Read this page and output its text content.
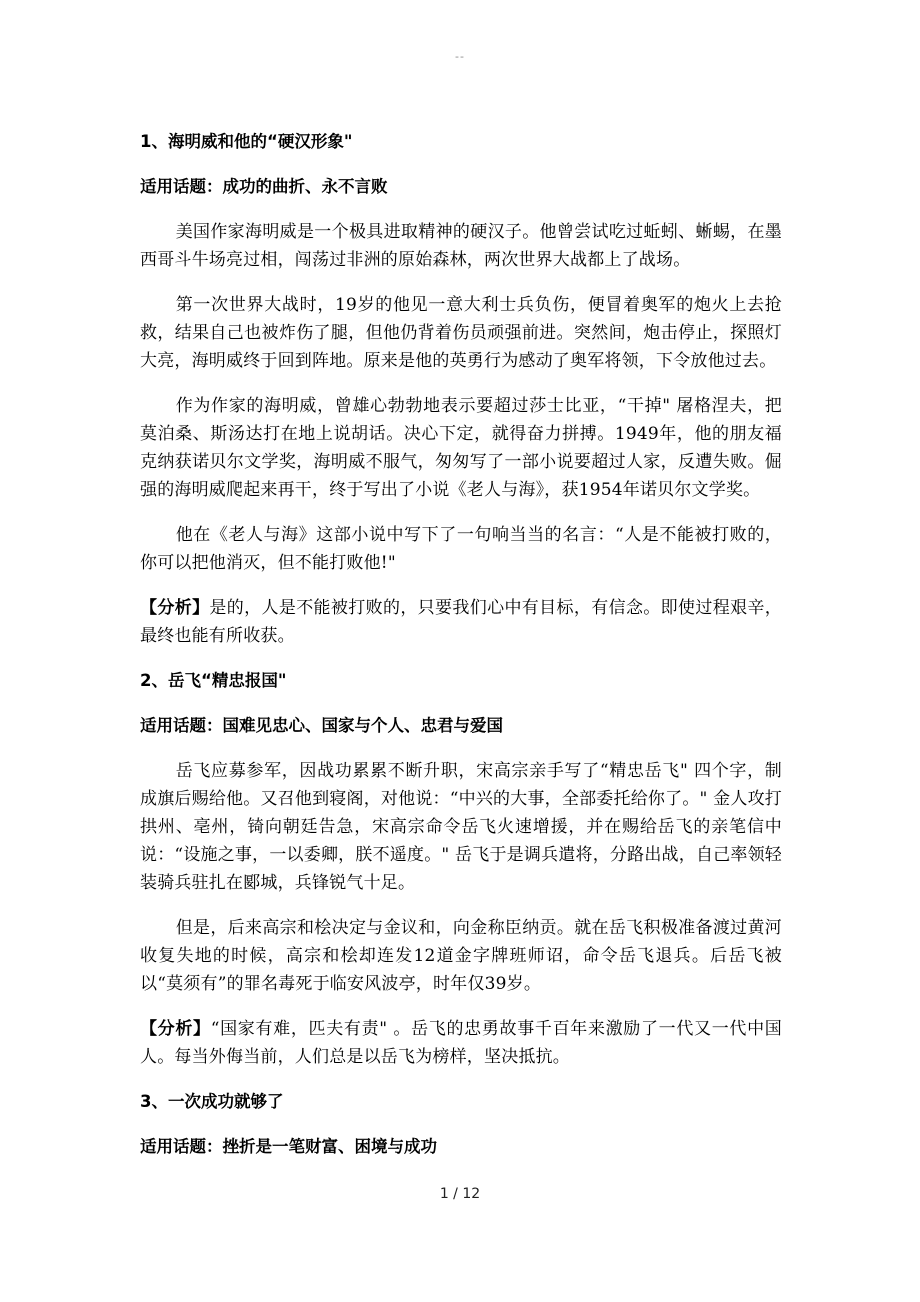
--
1、海明威和他的“硬汉形象"
适用话题：成功的曲折、永不言败

美国作家海明威是一个极具进取精神的硬汉子。他曾尝试吃过蚯蚓、蜥蜴，在墨西哥斗牛场亮过相，闯荡过非洲的原始森林，两次世界大战都上了战场。

第一次世界大战时，19岁的他见一意大利士兵负伤，便冒着奥军的炮火上去抢救，结果自己也被炸伤了腿，但他仍背着伤员顽强前进。突然间，炮击停止，探照灯大亮，海明威终于回到阵地。原来是他的英勇行为感动了奥军将领，下令放他过去。

作为作家的海明威，曾雄心勃勃地表示要超过莎士比亚，“干掉" 屠格涅夫，把莫泊桑、斯汤达打在地上说胡话。决心下定，就得奋力拼搏。1949年，他的朋友福克纳获诺贝尔文学奖，海明威不服气，匆匆写了一部小说要超过人家，反遭失败。倔强的海明威爬起来再干，终于写出了小说《老人与海》，获1954年诺贝尔文学奖。

他在《老人与海》这部小说中写下了一句响当当的名言：“人是不能被打败的，你可以把他消灭，但不能打败他!"

【分析】是的，人是不能被打败的，只要我们心中有目标，有信念。即使过程艰辛，最终也能有所收获。

2、岳飞“精忠报国"
适用话题：国难见忠心、国家与个人、忠君与爱国

岳飞应募参军，因战功累累不断升职，宋高宗亲手写了“精忠岳飞" 四个字，制成旗后赐给他。又召他到寝阁，对他说：“中兴的大事，全部委托给你了。" 金人攻打拱州、亳州，锜向朝廷告急，宋高宗命令岳飞火速增援，并在赐给岳飞的亲笔信中说：“设施之事，一以委卿，朕不遥度。" 岳飞于是调兵遣将，分路出战，自己率领轻装骑兵驻扎在郾城，兵锋锐气十足。

但是，后来高宗和桧决定与金议和，向金称臣纳贡。就在岳飞积极准备渡过黄河收复失地的时候，高宗和桧却连发12道金字牌班师诏，命令岳飞退兵。后岳飞被以“莫须有”的罪名毒死于临安风波亭，时年仅39岁。

【分析】“国家有难，匹夫有责" 。岳飞的忠勇故事千百年来激励了一代又一代中国人。每当外侮当前，人们总是以岳飞为榜样，坚决抵抗。

3、一次成功就够了
适用话题：挫折是一笔财富、困境与成功
1 / 12
